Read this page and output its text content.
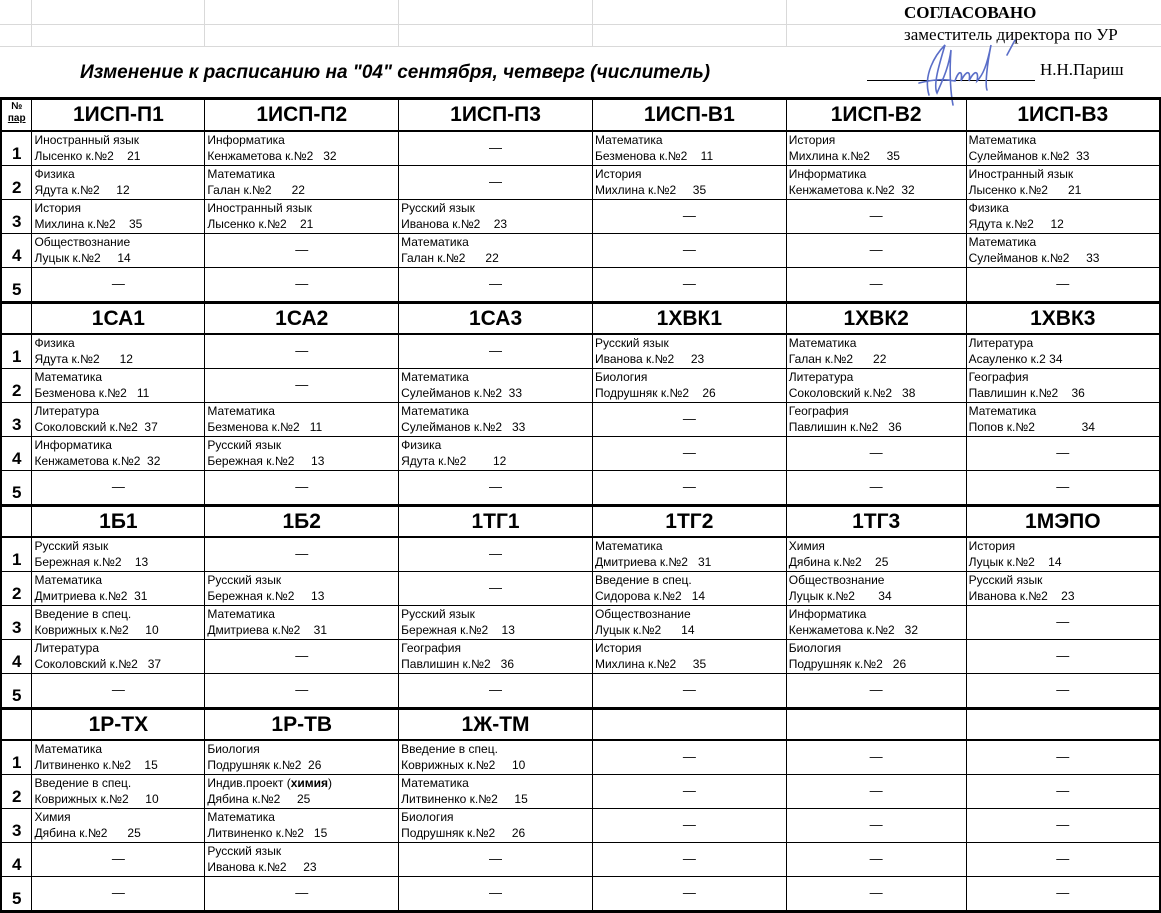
Изменение к расписанию на "04" сентября, четверг (числитель)
СОГЛАСОВАНО
заместитель директора по УР
Н.Н.Париш
№
пар	1ИСП-П1	1ИСП-П2	1ИСП-П3	1ИСП-В1	1ИСП-В2	1ИСП-В3
1	Иностранный язык
Лысенко к.№2    21	Информатика
Кенжаметова к.№2   32	—	Математика
Безменова к.№2    11	История
Михлина к.№2     35	Математика
Сулейманов к.№2  33

2	Физика
Ядута к.№2     12	Математика
Галан к.№2      22	—	История
Михлина к.№2     35	Информатика
Кенжаметова к.№2  32	Иностранный язык
Лысенко к.№2      21

3	История
Михлина к.№2    35	Иностранный язык
Лысенко к.№2    21	Русский язык
Иванова к.№2    23	—	—	Физика
Ядута к.№2     12

4	Обществознание
Луцык к.№2     14	—	Математика
Галан к.№2      22	—	—	Математика
Сулейманов к.№2     33

5	—	—	—	—	—	—

	1СА1	1СА2	1СА3	1ХВК1	1ХВК2	1ХВК3
1	Физика
Ядута к.№2      12	—	—	Русский язык
Иванова к.№2     23	Математика
Галан к.№2      22	Литература
Асауленко к.2 34

2	Математика
Безменова к.№2   11	—	Математика
Сулейманов к.№2  33	Биология
Подрушняк к.№2    26	Литература
Соколовский к.№2   38	География
Павлишин к.№2    36

3	Литература
Соколовский к.№2  37	Математика
Безменова к.№2   11	Математика
Сулейманов к.№2   33	—	География
Павлишин к.№2   36	Математика
Попов к.№2              34

4	Информатика
Кенжаметова к.№2  32	Русский язык
Бережная к.№2     13	Физика
Ядута к.№2        12	—	—	—

5	—	—	—	—	—	—

	1Б1	1Б2	1ТГ1	1ТГ2	1ТГ3	1МЭПО
1	Русский язык
Бережная к.№2    13	—	—	Математика
Дмитриева к.№2   31	Химия
Дябина к.№2    25	История
Луцык к.№2    14

2	Математика
Дмитриева к.№2  31	Русский язык
Бережная к.№2     13	—	Введение в спец.
Сидорова к.№2   14	Обществознание
Луцык к.№2       34	Русский язык
Иванова к.№2    23

3	Введение в спец.
Коврижных к.№2     10	Математика
Дмитриева к.№2    31	Русский язык
Бережная к.№2    13	Обществознание
Луцык к.№2      14	Информатика
Кенжаметова к.№2   32	—

4	Литература
Соколовский к.№2   37	—	География
Павлишин к.№2   36	История
Михлина к.№2     35	Биология
Подрушняк к.№2   26	—

5	—	—	—	—	—	—

	1Р-ТХ	1Р-ТВ	1Ж-ТМ			
1	Математика
Литвиненко к.№2    15	Биология
Подрушняк к.№2  26	Введение в спец.
Коврижных к.№2     10	—	—	—

2	Введение в спец.
Коврижных к.№2     10	Индив.проект (химия)
Дябина к.№2     25	Математика
Литвиненко к.№2     15	—	—	—

3	Химия
Дябина к.№2      25	Математика
Литвиненко к.№2   15	Биология
Подрушняк к.№2     26	—	—	—

4	—	Русский язык
Иванова к.№2     23	—	—	—	—

5	—	—	—	—	—	—
